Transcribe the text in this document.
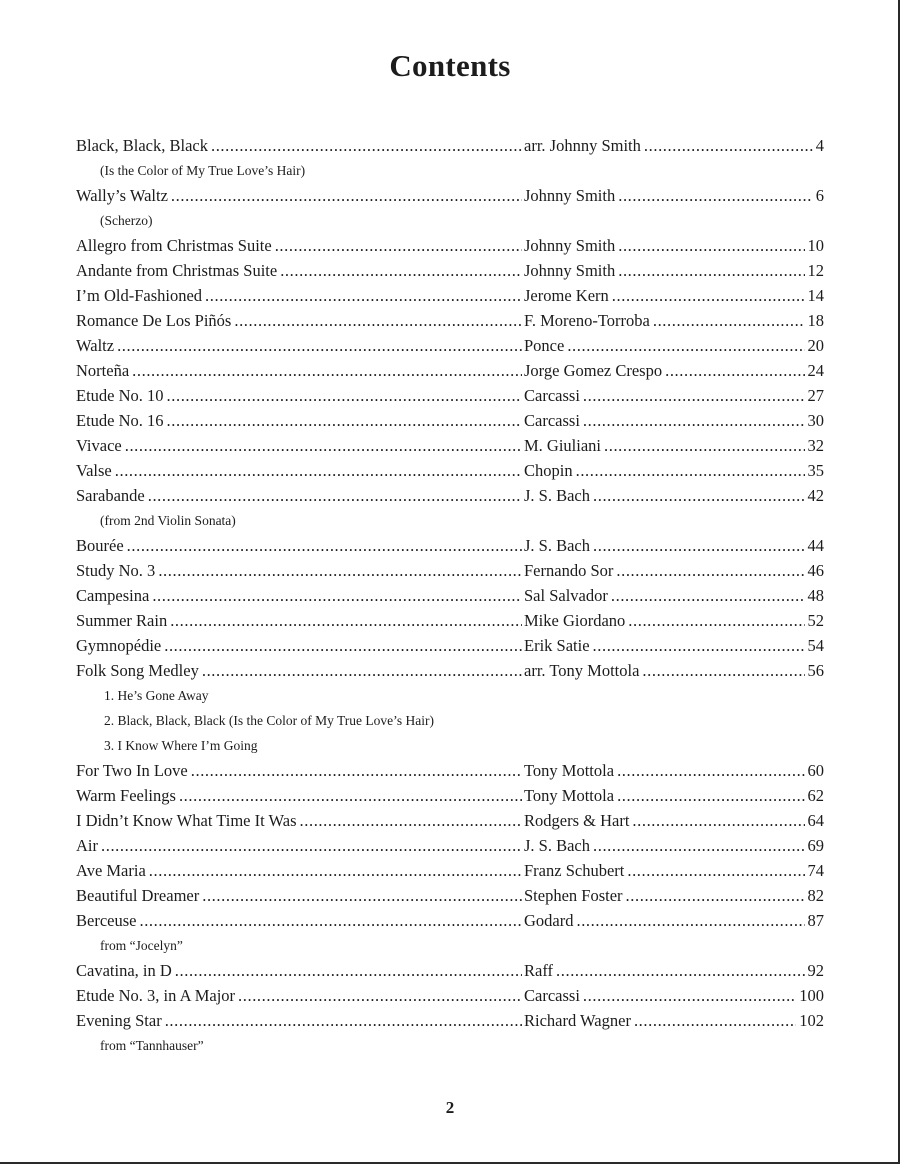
Contents
Black, Black, Black .....	arr. Johnny Smith .....	4
(Is the Color of My True Love’s Hair)
Wally’s Waltz .....	Johnny Smith .....	6
(Scherzo)
Allegro from Christmas Suite .....	Johnny Smith .....	10
Andante from Christmas Suite .....	Johnny Smith .....	12
I’m Old-Fashioned .....	Jerome Kern .....	14
Romance De Los Piñós .....	F. Moreno-Torroba .....	18
Waltz .....	Ponce .....	20
Norteña .....	Jorge Gomez Crespo .....	24
Etude No. 10 .....	Carcassi .....	27
Etude No. 16 .....	Carcassi .....	30
Vivace .....	M. Giuliani .....	32
Valse .....	Chopin .....	35
Sarabande .....	J. S. Bach .....	42
(from 2nd Violin Sonata)
Bourée .....	J. S. Bach .....	44
Study No. 3 .....	Fernando Sor .....	46
Campesina .....	Sal Salvador .....	48
Summer Rain .....	Mike Giordano .....	52
Gymnopédie .....	Erik Satie .....	54
Folk Song Medley .....	arr. Tony Mottola .....	56
1. He’s Gone Away
2. Black, Black, Black (Is the Color of My True Love’s Hair)
3. I Know Where I’m Going
For Two In Love .....	Tony Mottola .....	60
Warm Feelings .....	Tony Mottola .....	62
I Didn’t Know What Time It Was .....	Rodgers & Hart .....	64
Air .....	J. S. Bach .....	69
Ave Maria .....	Franz Schubert .....	74
Beautiful Dreamer .....	Stephen Foster .....	82
Berceuse .....	Godard .....	87
from “Jocelyn”
Cavatina, in D .....	Raff .....	92
Etude No. 3, in A Major .....	Carcassi .....	100
Evening Star .....	Richard Wagner .....	102
from “Tannhauser”
2
